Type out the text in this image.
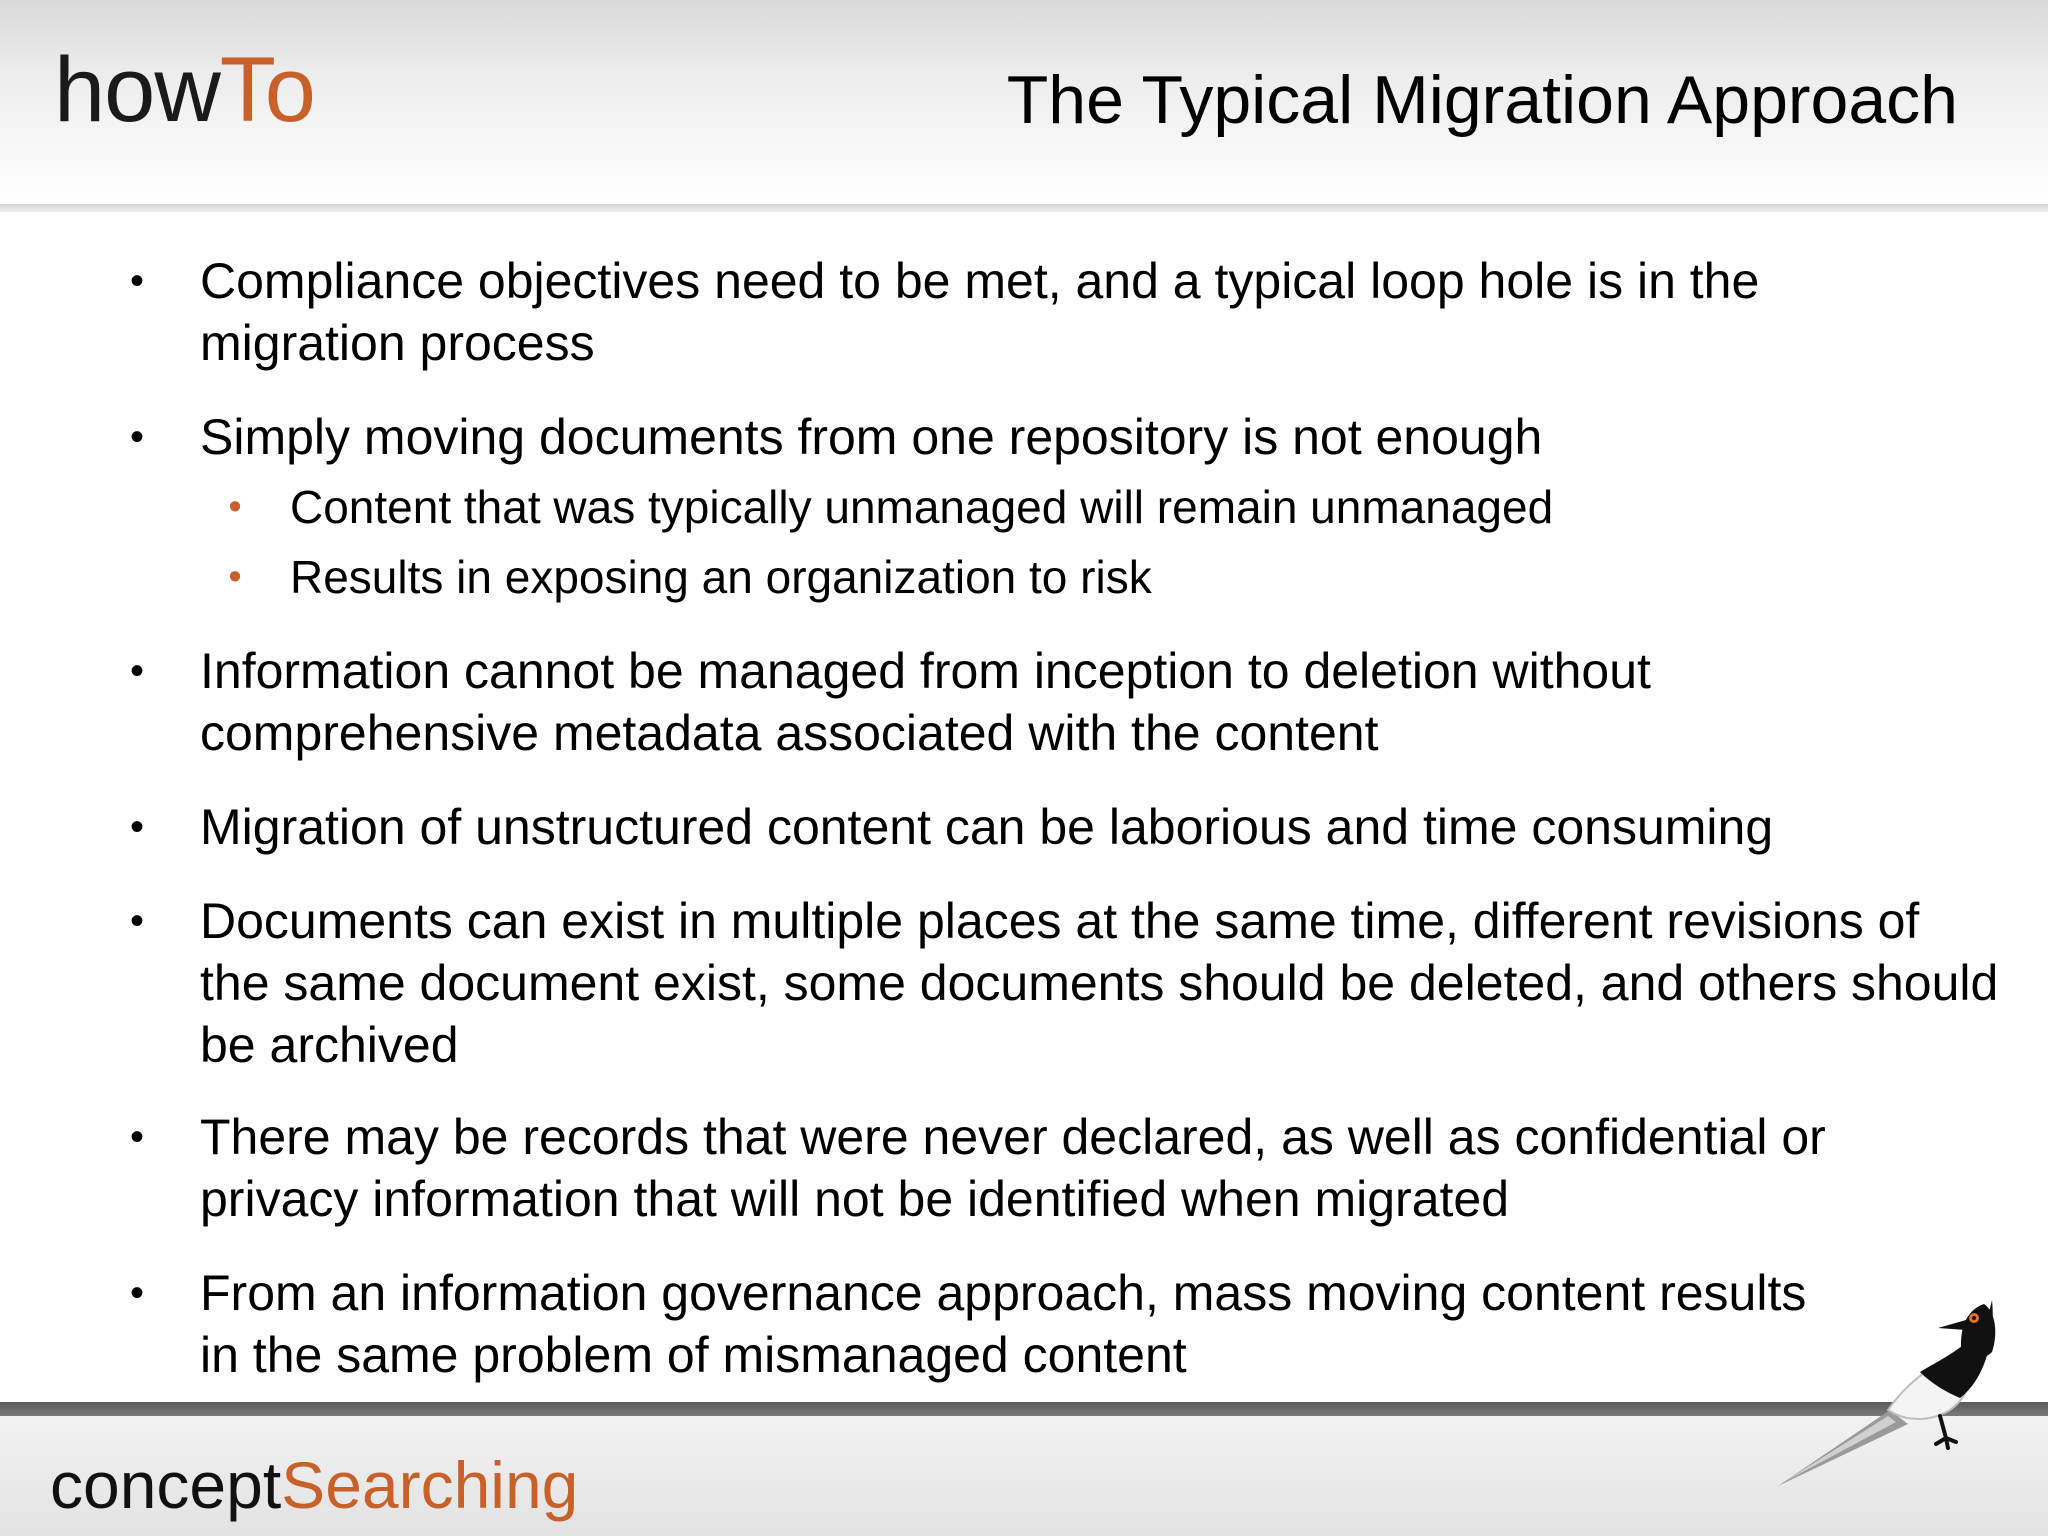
howTo	The Typical Migration Approach
• Compliance objectives need to be met, and a typical loop hole is in the migration process
• Simply moving documents from one repository is not enough
• Content that was typically unmanaged will remain unmanaged
• Results in exposing an organization to risk
• Information cannot be managed from inception to deletion without comprehensive metadata associated with the content
• Migration of unstructured content can be laborious and time consuming
• Documents can exist in multiple places at the same time, different revisions of the same document exist, some documents should be deleted, and others should be archived
• There may be records that were never declared, as well as confidential or privacy information that will not be identified when migrated
• From an information governance approach, mass moving content results in the same problem of mismanaged content
conceptSearching
